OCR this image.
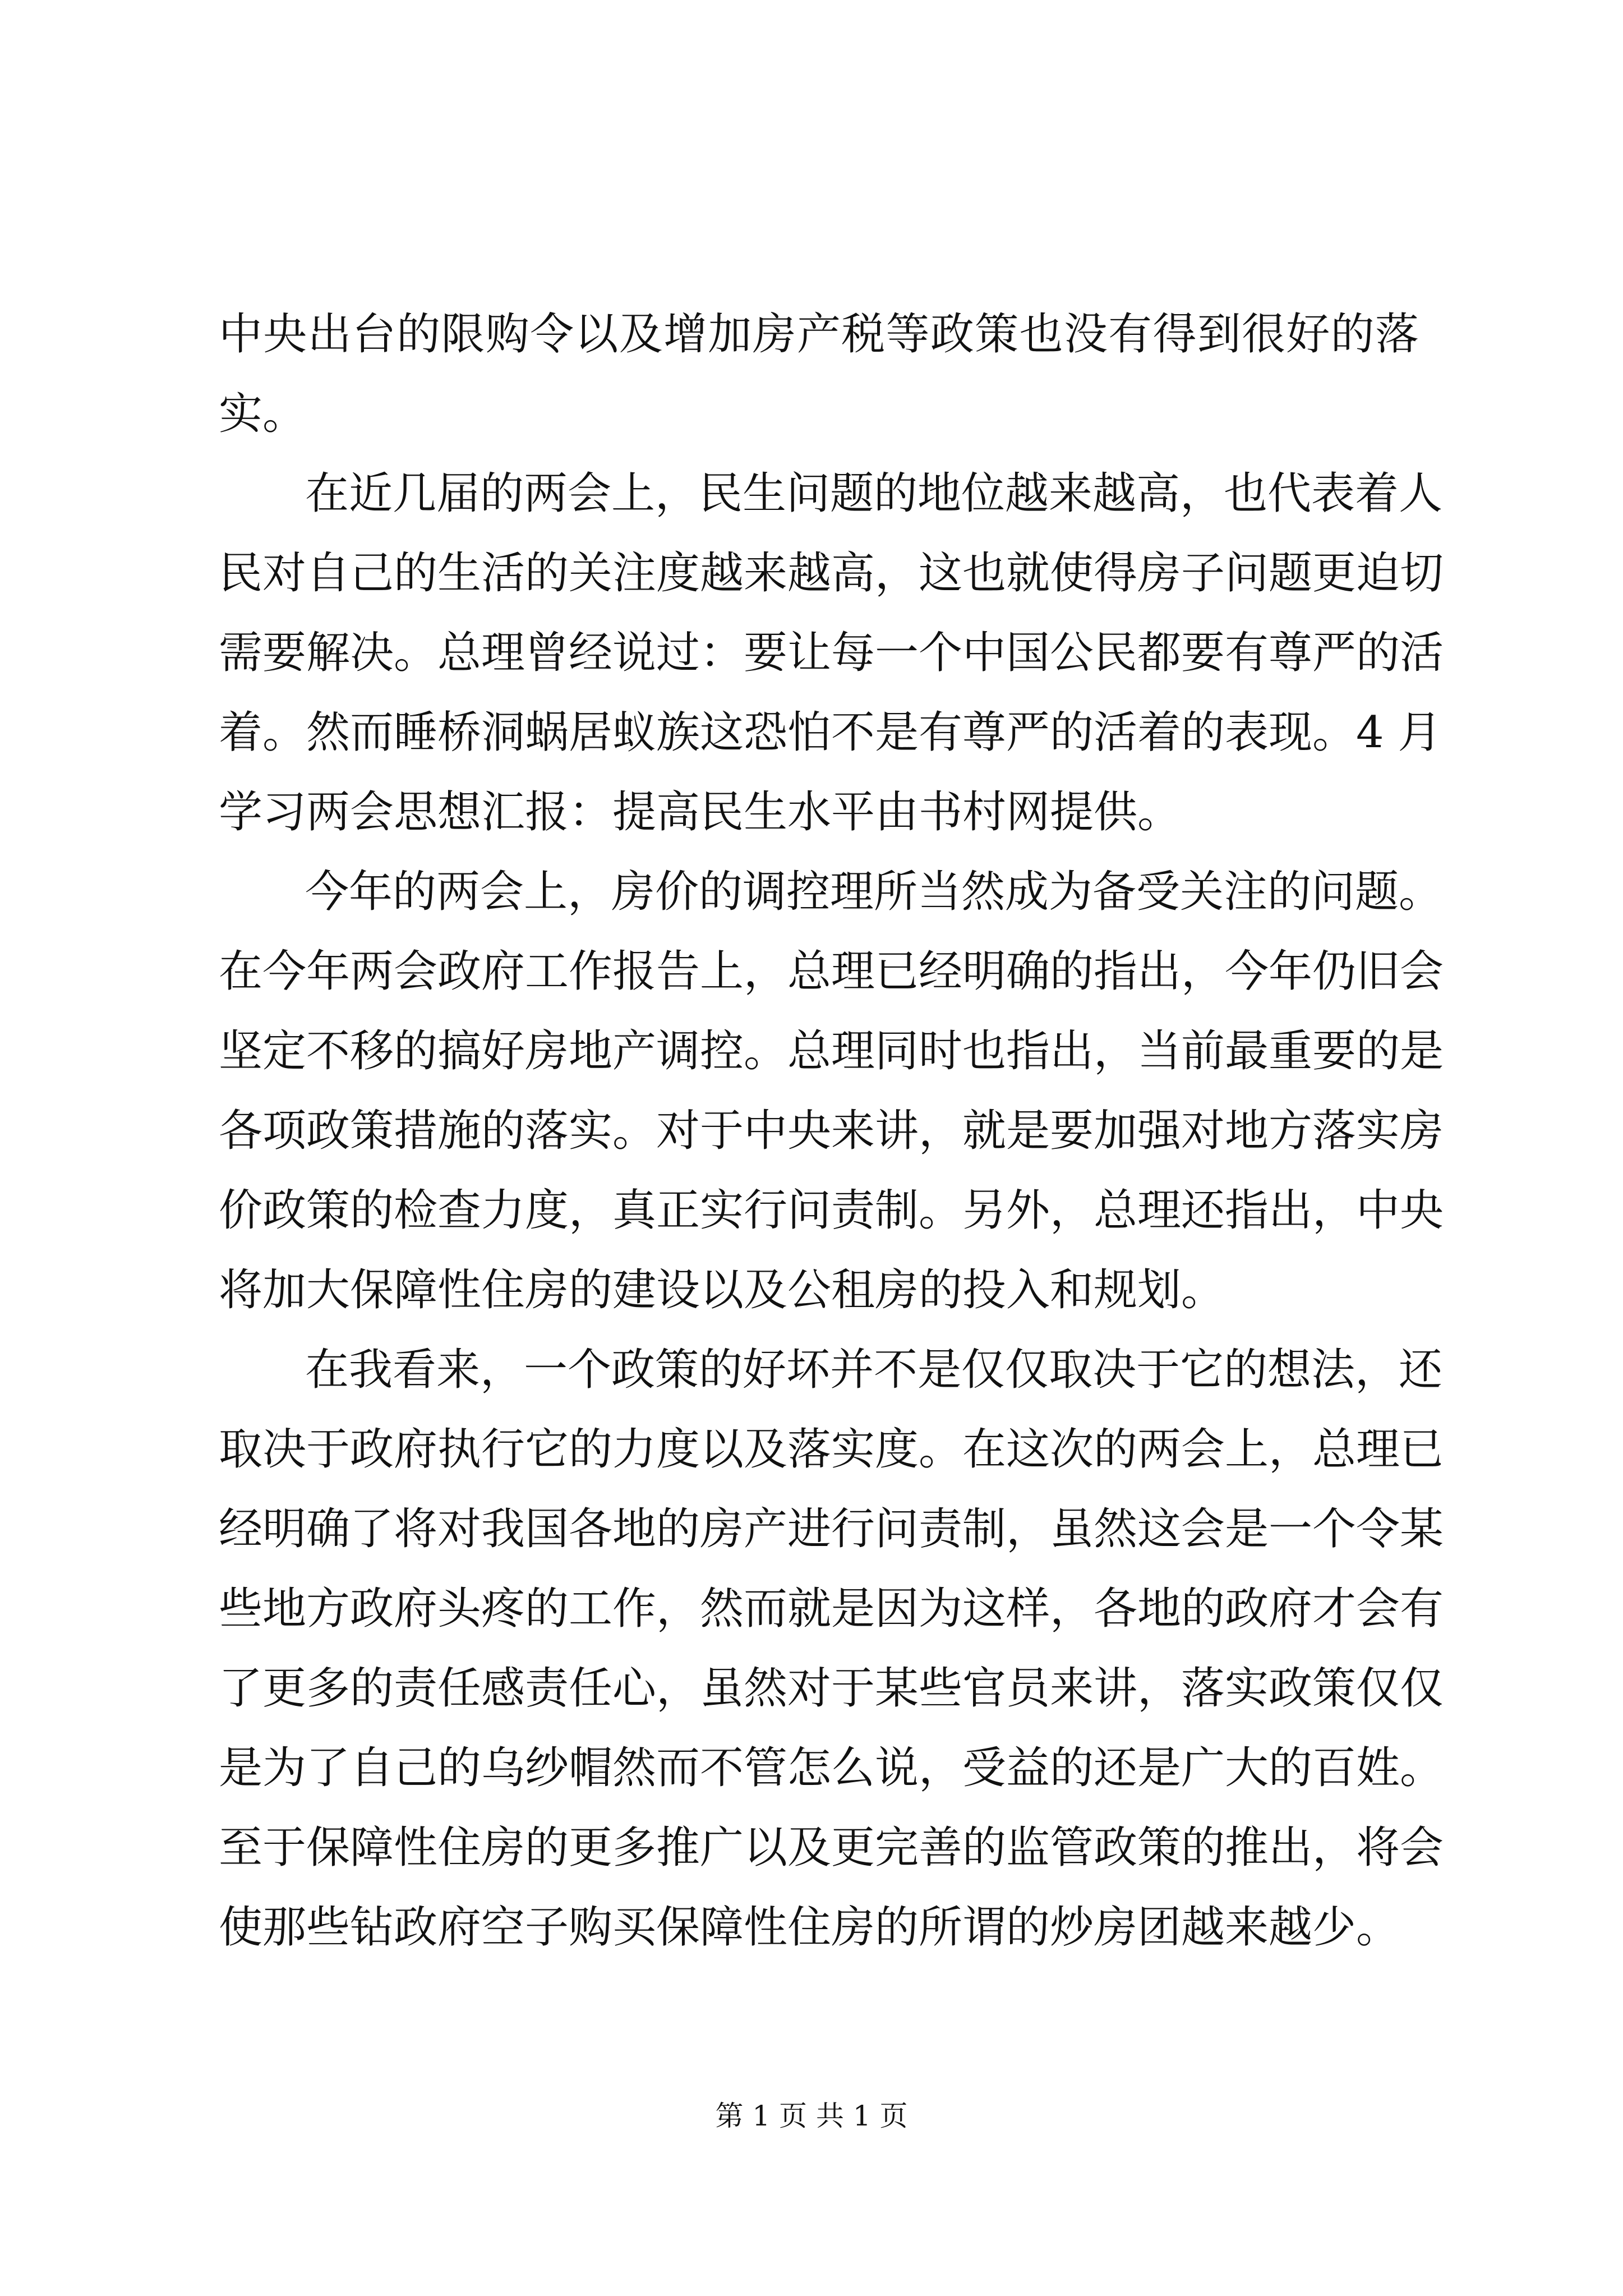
中央出台的限购令以及增加房产税等政策也没有得到很好的落
实。
在近几届的两会上，民生问题的地位越来越高，也代表着人
民对自己的生活的关注度越来越高，这也就使得房子问题更迫切
需要解决。总理曾经说过：要让每一个中国公民都要有尊严的活
着。然而睡桥洞蜗居蚁族这恐怕不是有尊严的活着的表现。4 月
学习两会思想汇报：提高民生水平由书村网提供。
今年的两会上，房价的调控理所当然成为备受关注的问题。
在今年两会政府工作报告上，总理已经明确的指出，今年仍旧会
坚定不移的搞好房地产调控。总理同时也指出，当前最重要的是
各项政策措施的落实。对于中央来讲，就是要加强对地方落实房
价政策的检查力度，真正实行问责制。另外，总理还指出，中央
将加大保障性住房的建设以及公租房的投入和规划。
在我看来，一个政策的好坏并不是仅仅取决于它的想法，还
取决于政府执行它的力度以及落实度。在这次的两会上，总理已
经明确了将对我国各地的房产进行问责制，虽然这会是一个令某
些地方政府头疼的工作，然而就是因为这样，各地的政府才会有
了更多的责任感责任心，虽然对于某些官员来讲，落实政策仅仅
是为了自己的乌纱帽然而不管怎么说，受益的还是广大的百姓。
至于保障性住房的更多推广以及更完善的监管政策的推出，将会
使那些钻政府空子购买保障性住房的所谓的炒房团越来越少。
第 1 页 共 1 页
